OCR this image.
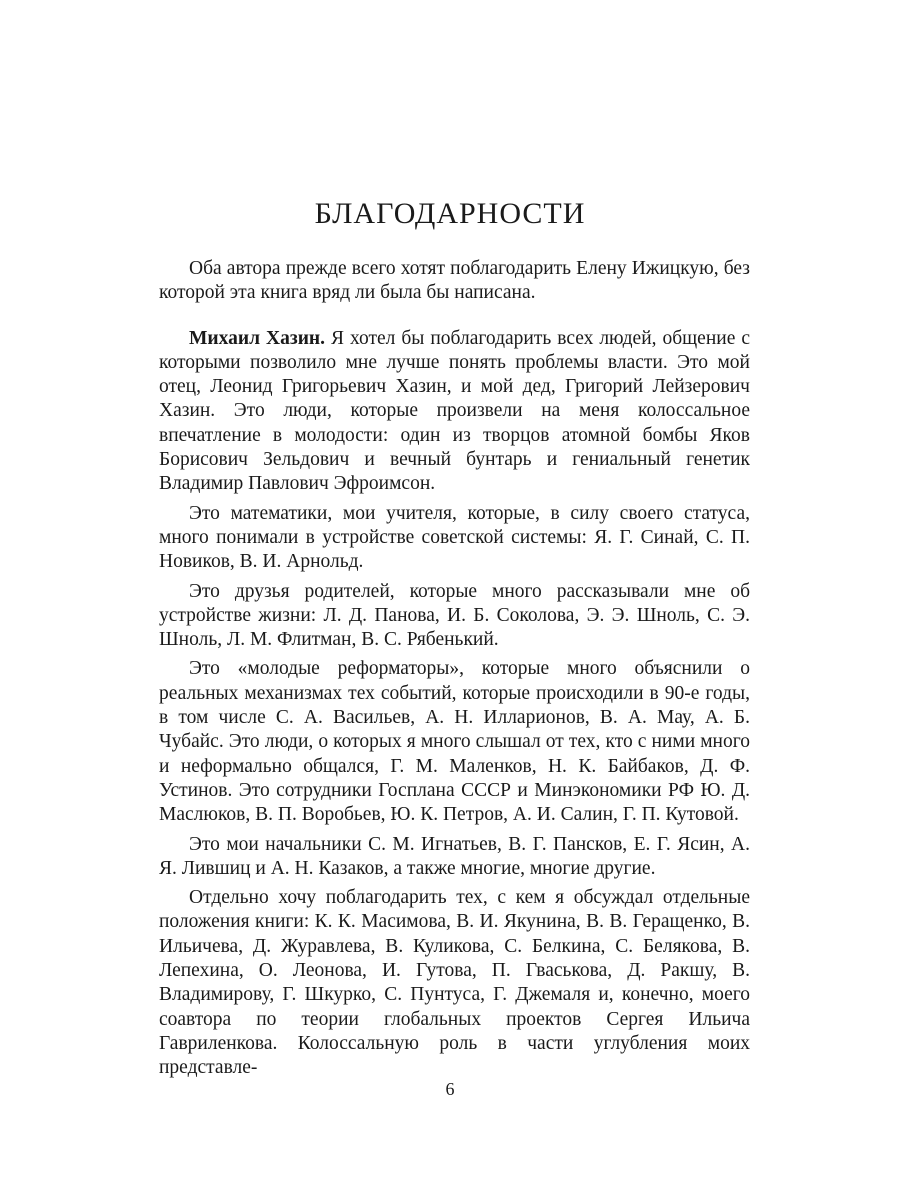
БЛАГОДАРНОСТИ

Оба автора прежде всего хотят поблагодарить Елену Ижицкую, без которой эта книга вряд ли была бы написана.

Михаил Хазин. Я хотел бы поблагодарить всех людей, общение с которыми позволило мне лучше понять проблемы власти. Это мой отец, Леонид Григорьевич Хазин, и мой дед, Григорий Лейзерович Хазин. Это люди, которые произвели на меня колоссальное впечатление в молодости: один из творцов атомной бомбы Яков Борисович Зельдович и вечный бунтарь и гениальный генетик Владимир Павлович Эфроимсон.

Это математики, мои учителя, которые, в силу своего статуса, много понимали в устройстве советской системы: Я. Г. Синай, С. П. Новиков, В. И. Арнольд.

Это друзья родителей, которые много рассказывали мне об устройстве жизни: Л. Д. Панова, И. Б. Соколова, Э. Э. Шноль, С. Э. Шноль, Л. М. Флитман, В. С. Рябенький.

Это «молодые реформаторы», которые много объяснили о реальных механизмах тех событий, которые происходили в 90-е годы, в том числе С. А. Васильев, А. Н. Илларионов, В. А. Мау, А. Б. Чубайс. Это люди, о которых я много слышал от тех, кто с ними много и неформально общался, Г. М. Маленков, Н. К. Байбаков, Д. Ф. Устинов. Это сотрудники Госплана СССР и Минэкономики РФ Ю. Д. Маслюков, В. П. Воробьев, Ю. К. Петров, А. И. Салин, Г. П. Кутовой.

Это мои начальники С. М. Игнатьев, В. Г. Пансков, Е. Г. Ясин, А. Я. Лившиц и А. Н. Казаков, а также многие, многие другие.

Отдельно хочу поблагодарить тех, с кем я обсуждал отдельные положения книги: К. К. Масимова, В. И. Якунина, В. В. Геращенко, В. Ильичева, Д. Журавлева, В. Куликова, С. Белкина, С. Белякова, В. Лепехина, О. Леонова, И. Гутова, П. Гваськова, Д. Ракшу, В. Владимирову, Г. Шкурко, С. Пунтуса, Г. Джемаля и, конечно, моего соавтора по теории глобальных проектов Сергея Ильича Гавриленкова. Колоссальную роль в части углубления моих представле-

6
